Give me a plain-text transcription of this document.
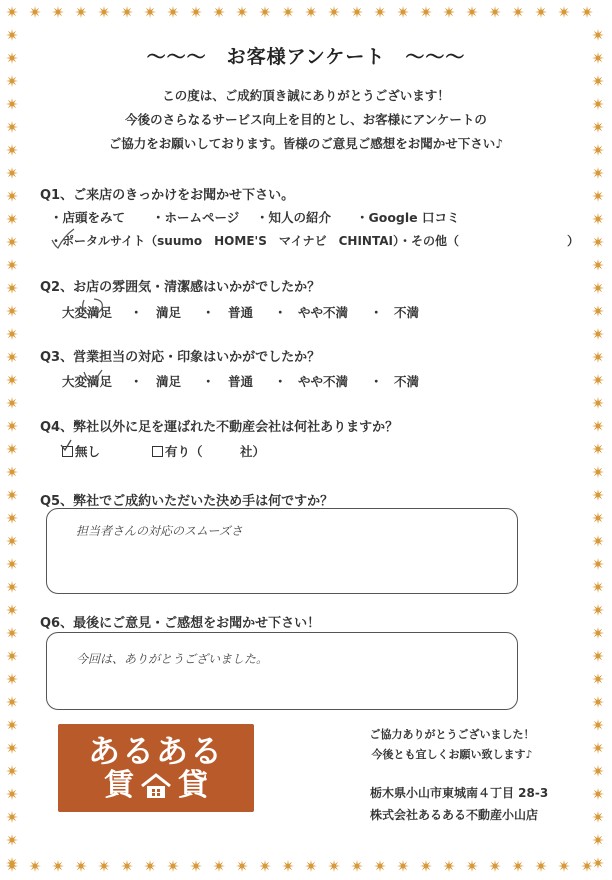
～～～　お客様アンケート　～～～
この度は、ご成約頂き誠にありがとうございます！
今後のさらなるサービス向上を目的とし、お客様にアンケートの
ご協力をお願いしております。皆様のご意見ご感想をお聞かせ下さい♪
Q1、ご来店のきっかけをお聞かせ下さい。
・店頭をみて ・ホームページ ・知人の紹介 ・Google 口コミ
・ポータルサイト（suumo　HOME'S　マイナビ　CHINTAI）・その他（　　　　　　　　　）
Q2、お店の雰囲気・清潔感はいかがでしたか？
大変満足 ・ 満足 ・ 普通 ・ やや不満 ・ 不満
Q3、営業担当の対応・印象はいかがでしたか？
大変満足 ・ 満足 ・ 普通 ・ やや不満 ・ 不満
Q4、弊社以外に足を運ばれた不動産会社は何社ありますか？
無し	有り（　　　社）
Q5、弊社でご成約いただいた決め手は何ですか？
担当者さんの対応のスムーズさ
Q6、最後にご意見・ご感想をお聞かせ下さい！
今回は、ありがとうございました。
あるある
賃 貸
ご協力ありがとうございました！
今後とも宜しくお願い致します♪
栃木県小山市東城南４丁目 28-3
株式会社あるある不動産小山店
